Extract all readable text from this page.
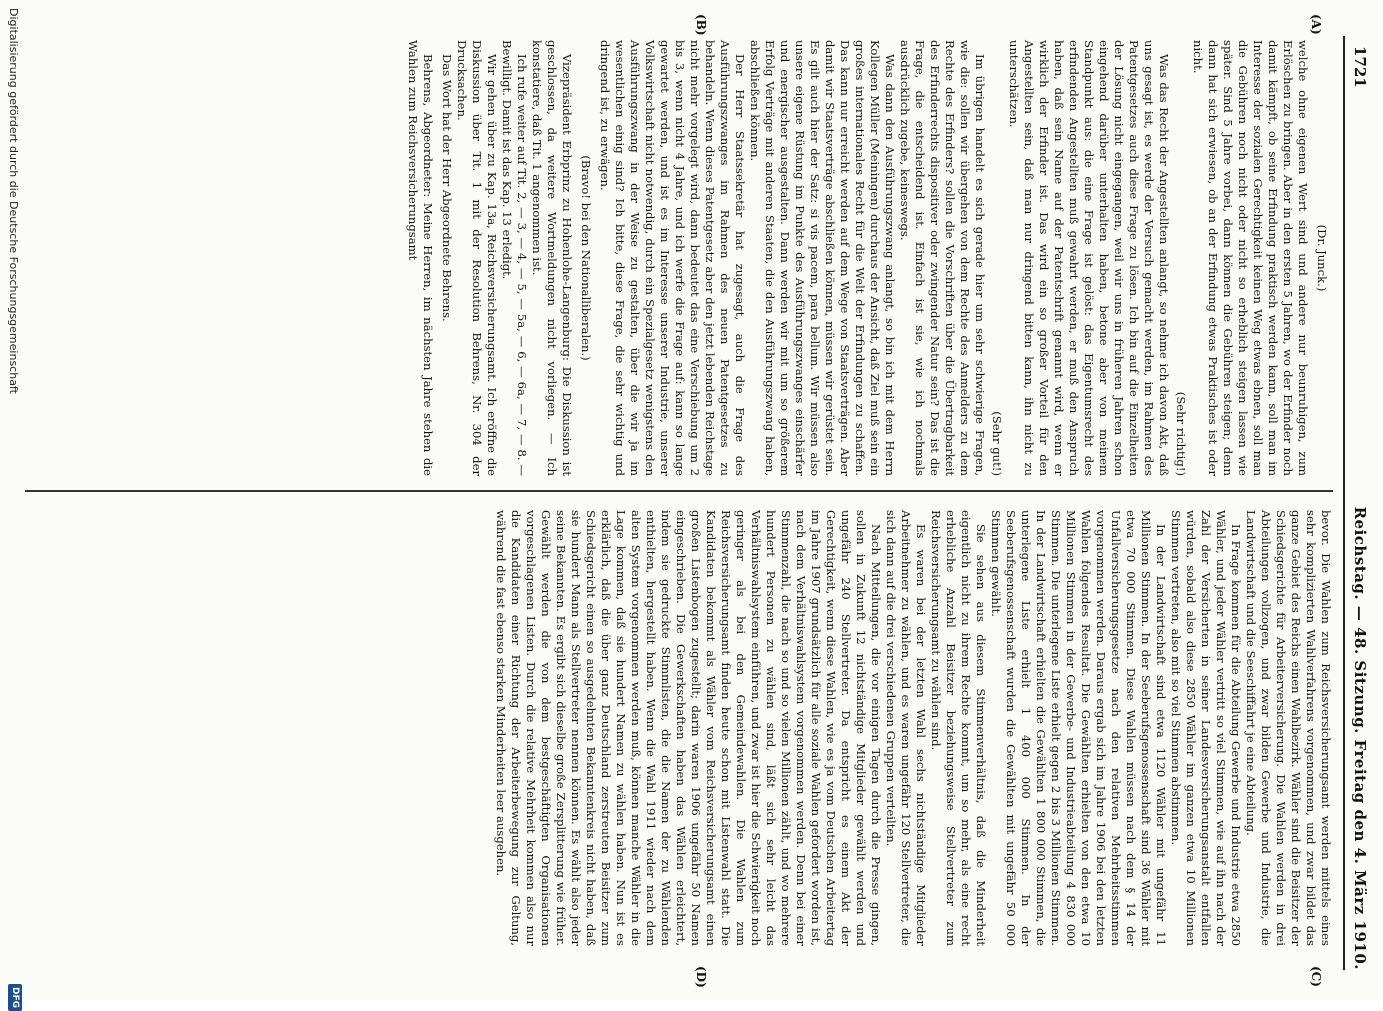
1721
Reichstag. — 48. Sitzung. Freitag den 4. März 1910.
(A)
(B)
(C)
(D)

(Dr. Junck.)

welche ohne eigenen Wert sind und andere nur beunruhigen, zum Erlöschen zu bringen. Aber in den ersten 5 Jahren, wo der Erfinder noch damit kämpft, ob seine Erfindung praktisch werden kann, soll man im Interesse der sozialen Gerechtigkeit keinen Weg etwas ebnen, soll man die Gebühren noch nicht oder nicht so erheblich steigen lassen wie später. Sind 5 Jahre vorbei, dann können die Gebühren steigen; denn dann hat sich erwiesen, ob an der Erfindung etwas Praktisches ist oder nicht.

(Sehr richtig!)

Was das Recht der Angestellten anlangt, so nehme ich davon Akt, daß uns gesagt ist, es werde der Versuch gemacht werden, im Rahmen des Patentgesetzes auch diese Frage zu lösen. Ich bin auf die Einzelheiten der Lösung nicht eingegangen, weil wir uns in früheren Jahren schon eingehend darüber unterhalten haben, betone aber von meinem Standpunkt aus: die eine Frage ist gelöst: das Eigentumsrecht des erfindenden Angestellten muß gewahrt werden, er muß den Anspruch haben, daß sein Name auf der Patentschrift genannt wird, wenn er wirklich der Erfinder ist. Das wird ein so großer Vorteil für den Angestellten sein, daß man nur dringend bitten kann, ihn nicht zu unterschätzen.

(Sehr gut!)

Im übrigen handelt es sich gerade hier um sehr schwierige Fragen, wie die: sollen wir übergehen von dem Rechte des Anmelders zu dem Rechte des Erfinders? sollen die Vorschriften über die Übertragbarkeit des Erfinderrechts dispositiver oder zwingender Natur sein? Das ist die Frage, die entscheidend ist. Einfach ist sie, wie ich nochmals ausdrücklich zugebe, keineswegs.

Was dann den Ausführungszwang anlangt, so bin ich mit dem Herrn Kollegen Müller (Meiningen) durchaus der Ansicht, daß Ziel muß sein ein großes internationales Recht für die Welt der Erfindungen zu schaffen. Das kann nur erreicht werden auf dem Wege von Staatsverträgen. Aber damit wir Staatsverträge abschließen können, müssen wir gerüstet sein. Es gilt auch hier der Satz: si vis pacem, para bellum. Wir müssen also unsere eigene Rüstung im Punkte des Ausführungszwanges einschärfer und energischer ausgestalten. Dann werden wir mit um so größerem Erfolg Verträge mit anderen Staaten, die den Ausführungszwang haben, abschließen können.

Der Herr Staatssekretär hat zugesagt, auch die Frage des Ausführungszwanges im Rahmen des neuen Patentgesetzes zu behandeln. Wenn dieses Patentgesetz aber den jetzt lebenden Reichstage nicht mehr vorgelegt wird, dann bedeutet das eine Verschiebung um 2 bis 3, wenn nicht 4 Jahre, und ich werfe die Frage auf: kann so lange gewartet werden, und ist es im Interesse unserer Industrie, unserer Volkswirtschaft nicht notwendig, durch ein Spezialgesetz wenigstens den Ausführungszwang in der Weise zu gestalten, über die wir ja im wesentlichen einig sind? Ich bitte, diese Frage, die sehr wichtig und dringend ist, zu erwägen.

(Bravo! bei den Nationalliberalen.)

Vizepräsident Erbprinz zu Hohenlohe-Langenburg: Die Diskussion ist geschlossen, da weitere Wortmeldungen nicht vorliegen. — Ich konstatiere, daß Tit. 1 angenommen ist.

Ich rufe weiter auf Tit. 2, — 3, — 4, — 5, — 5a, — 6, — 6a, — 7, — 8. — Bewilligt. Damit ist das Kap. 13 erledigt.

Wir gehen über zu Kap. 13a, Reichsversicherungsamt. Ich eröffne die Diskussion über Tit. 1 mit der Resolution Behrens, Nr. 304 der Drucksachen.

Das Wort hat der Herr Abgeordnete Behrens.

Behrens, Abgeordneter: Meine Herren, im nächsten Jahre stehen die Wahlen zum Reichsversicherungsamt

bevor. Die Wahlen zum Reichsversicherungsamt werden mittels eines sehr komplizierten Wahlverfahrens vorgenommen, und zwar bildet das ganze Gebiet des Reichs einen Wahlbezirk. Wähler sind die Beisitzer der Schiedsgerichte für Arbeiterversicherung. Die Wahlen werden in drei Abteilungen vollzogen, und zwar bilden Gewerbe und Industrie, die Landwirtschaft und die Seeschiffahrt je eine Abteilung.

In Frage kommen für die Abteilung Gewerbe und Industrie etwa 2850 Wähler, und jeder Wähler vertritt so viel Stimmen, wie auf ihn nach der Zahl der Versicherten in seiner Landesversicherungsanstalt entfallen würden, sobald also diese 2850 Wähler im ganzen etwa 10 Millionen Stimmen vertreten, also mit so viel Stimmen abstimmen.

In der Landwirtschaft sind etwa 1120 Wähler mit ungefähr 11 Millionen Stimmen. In der Seeberufsgenossenschaft sind 36 Wähler mit etwa 70 000 Stimmen. Diese Wahlen müssen nach dem § 14 der Unfallversicherungsgesetze nach den relativen Mehrheitsstimmen vorgenommen werden. Daraus ergab sich im Jahre 1906 bei den letzten Wahlen folgendes Resultat. Die Gewählten erhielten von den etwa 10 Millionen Stimmen in der Gewerbe- und Industrieabteilung 4 830 000 Stimmen. Die unterlegene Liste erhielt gegen 2 bis 3 Millionen Stimmen. In der Landwirtschaft erhielten die Gewählten 1 800 000 Stimmen, die unterlegene Liste erhielt 1 400 000 Stimmen. In der Seeberufsgenossenschaft wurden die Gewählten mit ungefähr 50 000 Stimmen gewählt.

Sie sehen aus diesem Stimmenverhältnis, daß die Minderheit eigentlich nicht zu ihrem Rechte kommt, um so mehr, als eine recht erhebliche Anzahl Beisitzer beziehungsweise Stellvertreter zum Reichsversicherungsamt zu wählen sind.

Es waren bei der letzten Wahl sechs nichtständige Mitglieder Arbeitnehmer zu wählen, und es waren ungefähr 120 Stellvertreter, die sich dann auf die drei verschiedenen Gruppen verteilten.

Nach Mitteilungen, die vor einigen Tagen durch die Presse gingen, sollen in Zukunft 12 nichtständige Mitglieder gewählt werden und ungefähr 240 Stellvertreter. Da entspricht es einem Akt der Gerechtigkeit, wenn diese Wahlen, wie es ja vom Deutschen Arbeitertag im Jahre 1907 grundsätzlich für alle soziale Wahlen gefordert worden ist, nach dem Verhältniswahlsystem vorgenommen werden. Denn bei einer Stimmenzahl, die nach so und so vielen Millionen zählt, und wo mehrere hundert Personen zu wählen sind, läßt sich sehr leicht das Verhältniswahlsystem einführen, und zwar ist hier die Schwierigkeit noch geringer als bei den Gemeindewahlen. Die Wahlen zum Reichsversicherungsamt finden heute schon mit Listenwahl statt. Die Kandidaten bekommt als Wähler vom Reichsversicherungsamt einen großen Listenbogen zugestellt; darin waren 1906 ungefähr 50 Namen eingeschrieben. Die Gewerkschaften haben das Wählen erleichtert, indem sie gedruckte Stimmlisten, die die Namen der zu Wählenden enthielten, hergestellt haben. Wenn die Wahl 1911 wieder nach dem alten System vorgenommen werden muß, können manche Wähler in die Lage kommen, daß sie hundert Namen zu wählen haben. Nun ist es erklärlich, daß die über ganz Deutschland zerstreuten Beisitzer zum Schiedsgericht einen so ausgedehnten Bekanntenkreis nicht haben, daß sie hundert Mann als Stellvertreter nennen können. Es wählt also jeder seine Bekannten. Es ergibt sich dieselbe große Zersplitterung wie früher. Gewählt werden die von dem bestgeschäftigten Organisationen vorgeschlagenen Listen. Durch die relative Mehrheit kommen also nur die Kandidaten einer Richtung der Arbeiterbewegung zur Geltung, während die fast ebenso starken Minderheiten leer ausgehen.

Digitalisierung gefördert durch die Deutsche Forschungsgemeinschaft
DFG
